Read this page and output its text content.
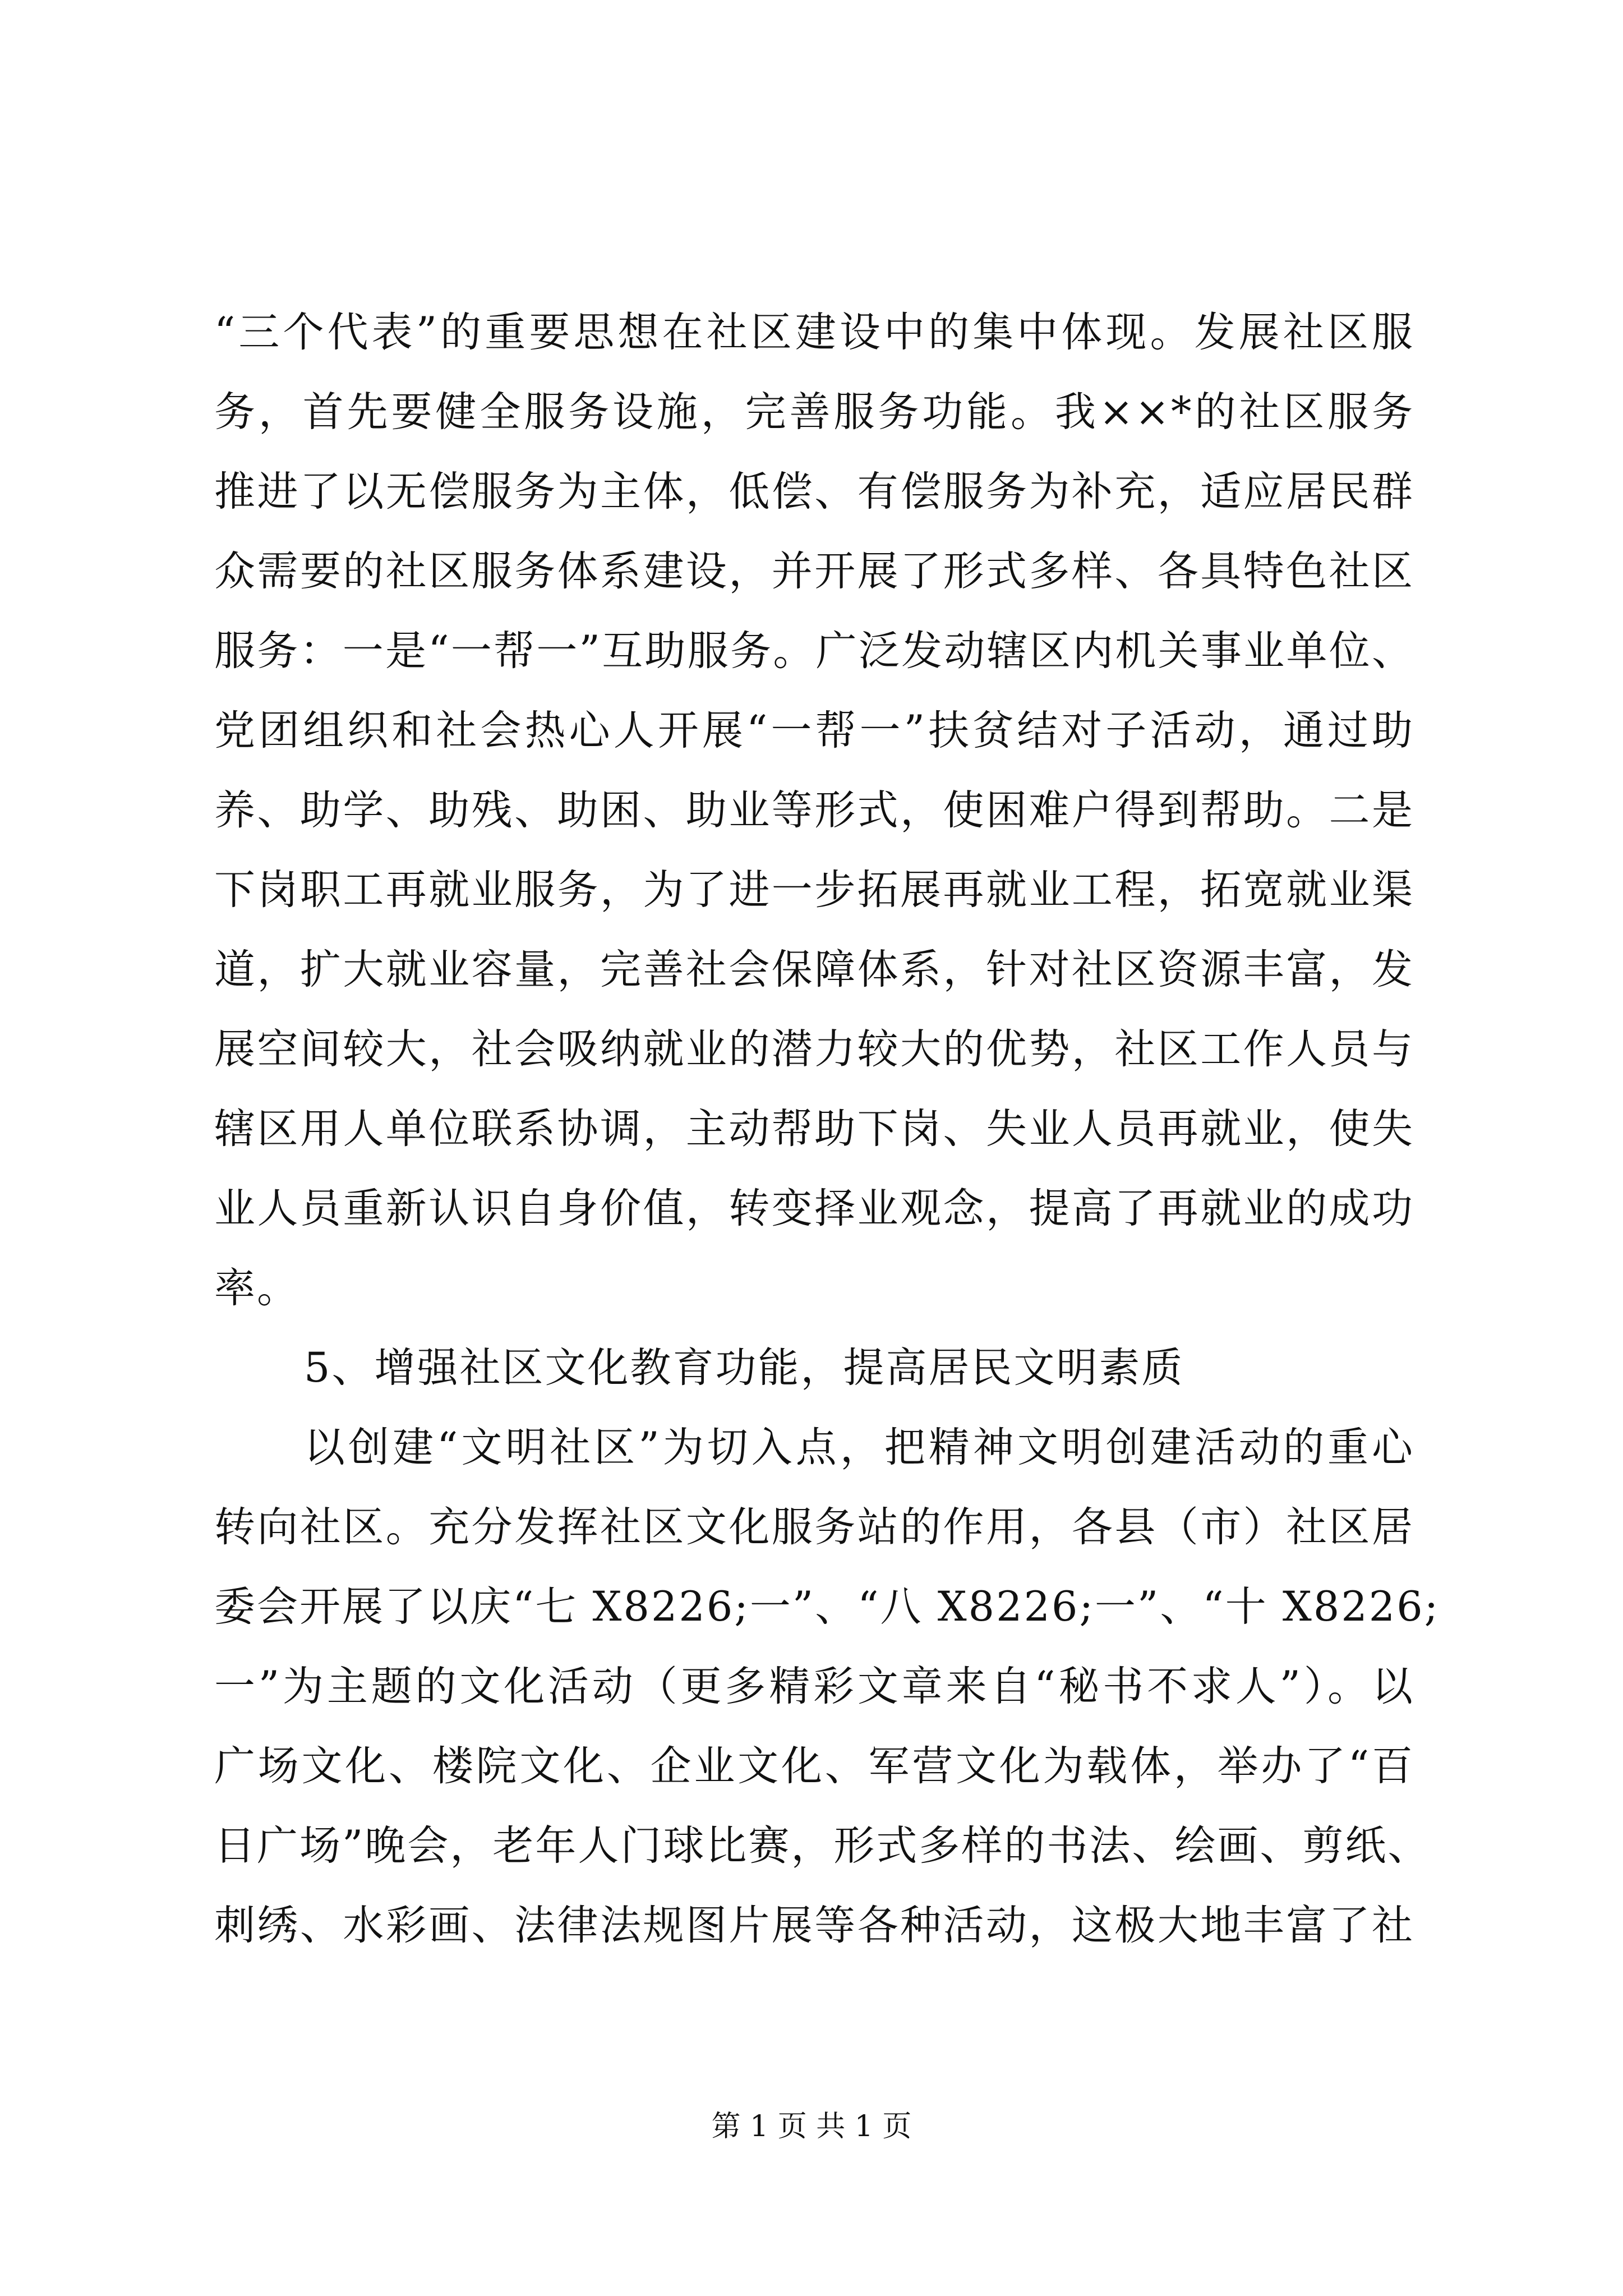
“三个代表”的重要思想在社区建设中的集中体现。发展社区服
务，首先要健全服务设施，完善服务功能。我××*的社区服务
推进了以无偿服务为主体，低偿、有偿服务为补充，适应居民群
众需要的社区服务体系建设，并开展了形式多样、各具特色社区
服务：一是“一帮一”互助服务。广泛发动辖区内机关事业单位、
党团组织和社会热心人开展“一帮一”扶贫结对子活动，通过助
养、助学、助残、助困、助业等形式，使困难户得到帮助。二是
下岗职工再就业服务，为了进一步拓展再就业工程，拓宽就业渠
道，扩大就业容量，完善社会保障体系，针对社区资源丰富，发
展空间较大，社会吸纳就业的潜力较大的优势，社区工作人员与
辖区用人单位联系协调，主动帮助下岗、失业人员再就业，使失
业人员重新认识自身价值，转变择业观念，提高了再就业的成功
率。
5、增强社区文化教育功能，提高居民文明素质
以创建“文明社区”为切入点，把精神文明创建活动的重心
转向社区。充分发挥社区文化服务站的作用，各县（市）社区居
委会开展了以庆“七 X8226;一”、“八 X8226;一”、“十 X8226;
一”为主题的文化活动（更多精彩文章来自“秘书不求人”）。以
广场文化、楼院文化、企业文化、军营文化为载体，举办了“百
日广场”晚会，老年人门球比赛，形式多样的书法、绘画、剪纸、
刺绣、水彩画、法律法规图片展等各种活动，这极大地丰富了社
第 1 页 共 1 页
